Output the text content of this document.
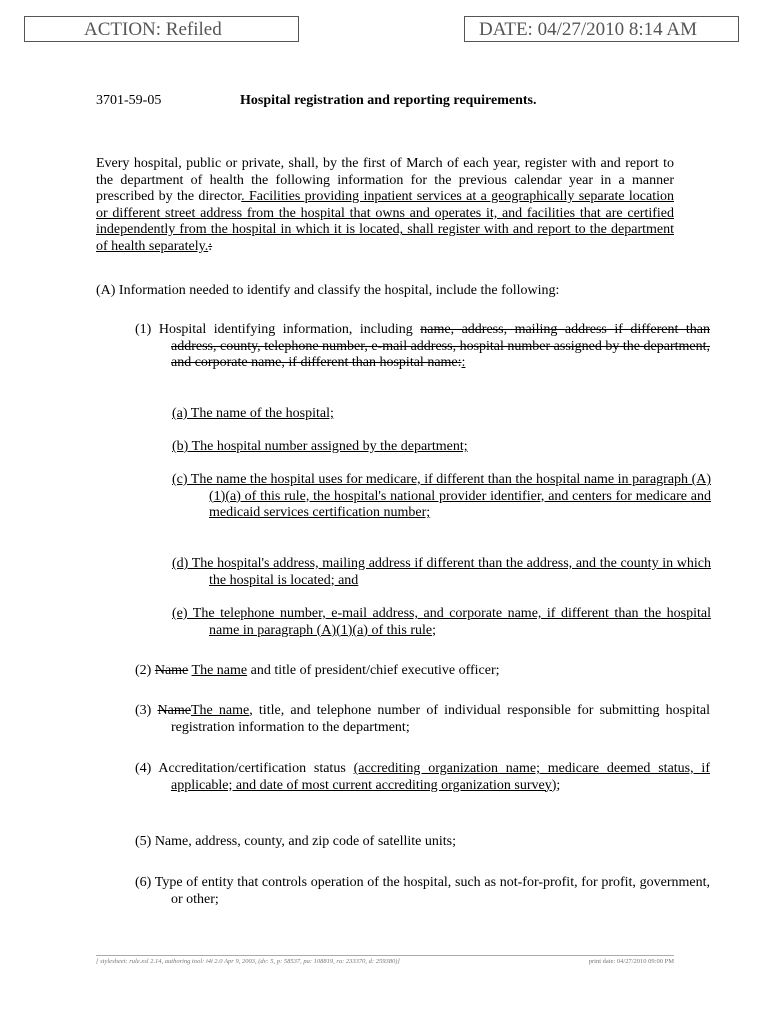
ACTION: Refiled	DATE: 04/27/2010 8:14 AM
3701-59-05	Hospital registration and reporting requirements.
Every hospital, public or private, shall, by the first of March of each year, register with and report to the department of health the following information for the previous calendar year in a manner prescribed by the director. Facilities providing inpatient services at a geographically separate location or different street address from the hospital that owns and operates it, and facilities that are certified independently from the hospital in which it is located, shall register with and report to the department of health separately.:
(A) Information needed to identify and classify the hospital, include the following:
(1) Hospital identifying information, including name, address, mailing address if different than address, county, telephone number, e-mail address, hospital number assigned by the department, and corporate name, if different than hospital name::
(a) The name of the hospital;
(b) The hospital number assigned by the department;
(c) The name the hospital uses for medicare, if different than the hospital name in paragraph (A)(1)(a) of this rule, the hospital's national provider identifier, and centers for medicare and medicaid services certification number;
(d) The hospital's address, mailing address if different than the address, and the county in which the hospital is located; and
(e) The telephone number, e-mail address, and corporate name, if different than the hospital name in paragraph (A)(1)(a) of this rule;
(2) Name The name and title of president/chief executive officer;
(3) NameThe name, title, and telephone number of individual responsible for submitting hospital registration information to the department;
(4) Accreditation/certification status (accrediting organization name; medicare deemed status, if applicable; and date of most current accrediting organization survey);
(5) Name, address, county, and zip code of satellite units;
(6) Type of entity that controls operation of the hospital, such as not-for-profit, for profit, government, or other;
[ stylesheet: rule.xsl 2.14, authoring tool: i4i 2.0 Apr 9, 2003, (dv: 5, p: 58537, pa: 108819, ra: 233370, d: 259380)]	print date: 04/27/2010 09:00 PM
